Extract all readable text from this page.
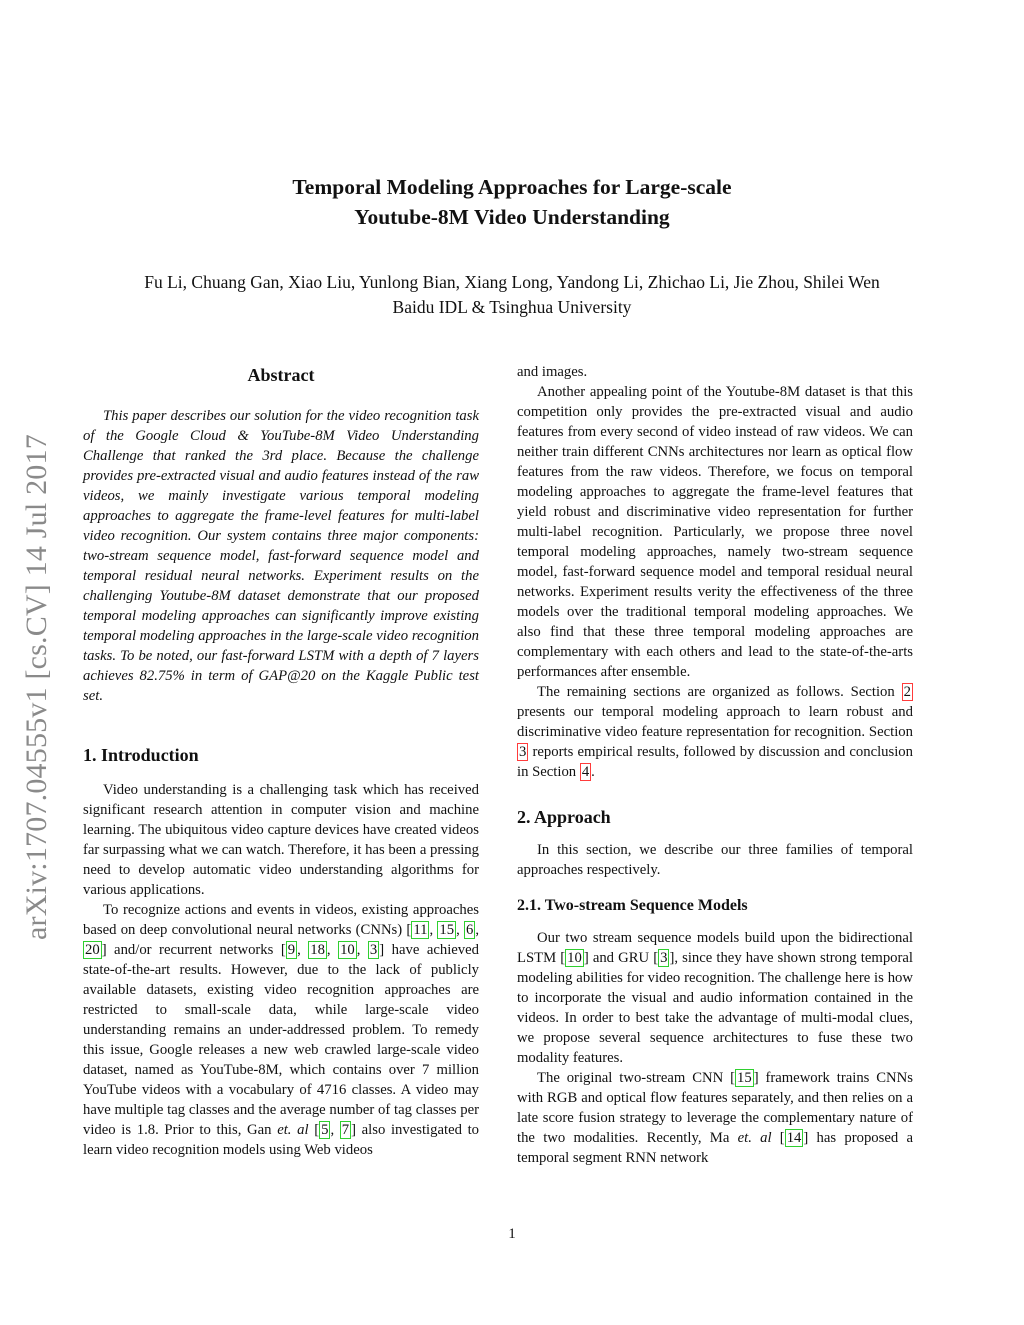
arXiv:1707.04555v1 [cs.CV] 14 Jul 2017
Temporal Modeling Approaches for Large-scale
Youtube-8M Video Understanding
Fu Li, Chuang Gan, Xiao Liu, Yunlong Bian, Xiang Long, Yandong Li, Zhichao Li, Jie Zhou, Shilei Wen
Baidu IDL & Tsinghua University
Abstract

This paper describes our solution for the video recognition task of the Google Cloud & YouTube-8M Video Understanding Challenge that ranked the 3rd place. Because the challenge provides pre-extracted visual and audio features instead of the raw videos, we mainly investigate various temporal modeling approaches to aggregate the frame-level features for multi-label video recognition. Our system contains three major components: two-stream sequence model, fast-forward sequence model and temporal residual neural networks. Experiment results on the challenging Youtube-8M dataset demonstrate that our proposed temporal modeling approaches can significantly improve existing temporal modeling approaches in the large-scale video recognition tasks. To be noted, our fast-forward LSTM with a depth of 7 layers achieves 82.75% in term of GAP@20 on the Kaggle Public test set.

1. Introduction

Video understanding is a challenging task which has received significant research attention in computer vision and machine learning. The ubiquitous video capture devices have created videos far surpassing what we can watch. Therefore, it has been a pressing need to develop automatic video understanding algorithms for various applications.

To recognize actions and events in videos, existing approaches based on deep convolutional neural networks (CNNs) [ 11 , 15 , 6 , 20 ] and/or recurrent networks [ 9 , 18 , 10 , 3 ] have achieved state-of-the-art results. However, due to the lack of publicly available datasets, existing video recognition approaches are restricted to small-scale data, while large-scale video understanding remains an under-addressed problem. To remedy this issue, Google releases a new web crawled large-scale video dataset, named as YouTube-8M, which contains over 7 million YouTube videos with a vocabulary of 4716 classes. A video may have multiple tag classes and the average number of tag classes per video is 1.8. Prior to this, Gan et. al [ 5 , 7 ] also investigated to learn video recognition models using Web videos

and images.

Another appealing point of the Youtube-8M dataset is that this competition only provides the pre-extracted visual and audio features from every second of video instead of raw videos. We can neither train different CNNs architectures nor learn as optical flow features from the raw videos. Therefore, we focus on temporal modeling approaches to aggregate the frame-level features that yield robust and discriminative video representation for further multi-label recognition. Particularly, we propose three novel temporal modeling approaches, namely two-stream sequence model, fast-forward sequence model and temporal residual neural networks. Experiment results verity the effectiveness of the three models over the traditional temporal modeling approaches. We also find that these three temporal modeling approaches are complementary with each others and lead to the state-of-the-arts performances after ensemble.

The remaining sections are organized as follows. Section 2 presents our temporal modeling approach to learn robust and discriminative video feature representation for recognition. Section 3 reports empirical results, followed by discussion and conclusion in Section 4 .

2. Approach

In this section, we describe our three families of temporal approaches respectively.

2.1. Two-stream Sequence Models

Our two stream sequence models build upon the bidirectional LSTM [ 10 ] and GRU [ 3 ], since they have shown strong temporal modeling abilities for video recognition. The challenge here is how to incorporate the visual and audio information contained in the videos. In order to best take the advantage of multi-modal clues, we propose several sequence architectures to fuse these two modality features.

The original two-stream CNN [ 15 ] framework trains CNNs with RGB and optical flow features separately, and then relies on a late score fusion strategy to leverage the complementary nature of the two modalities. Recently, Ma et. al [ 14 ] has proposed a temporal segment RNN network

1
